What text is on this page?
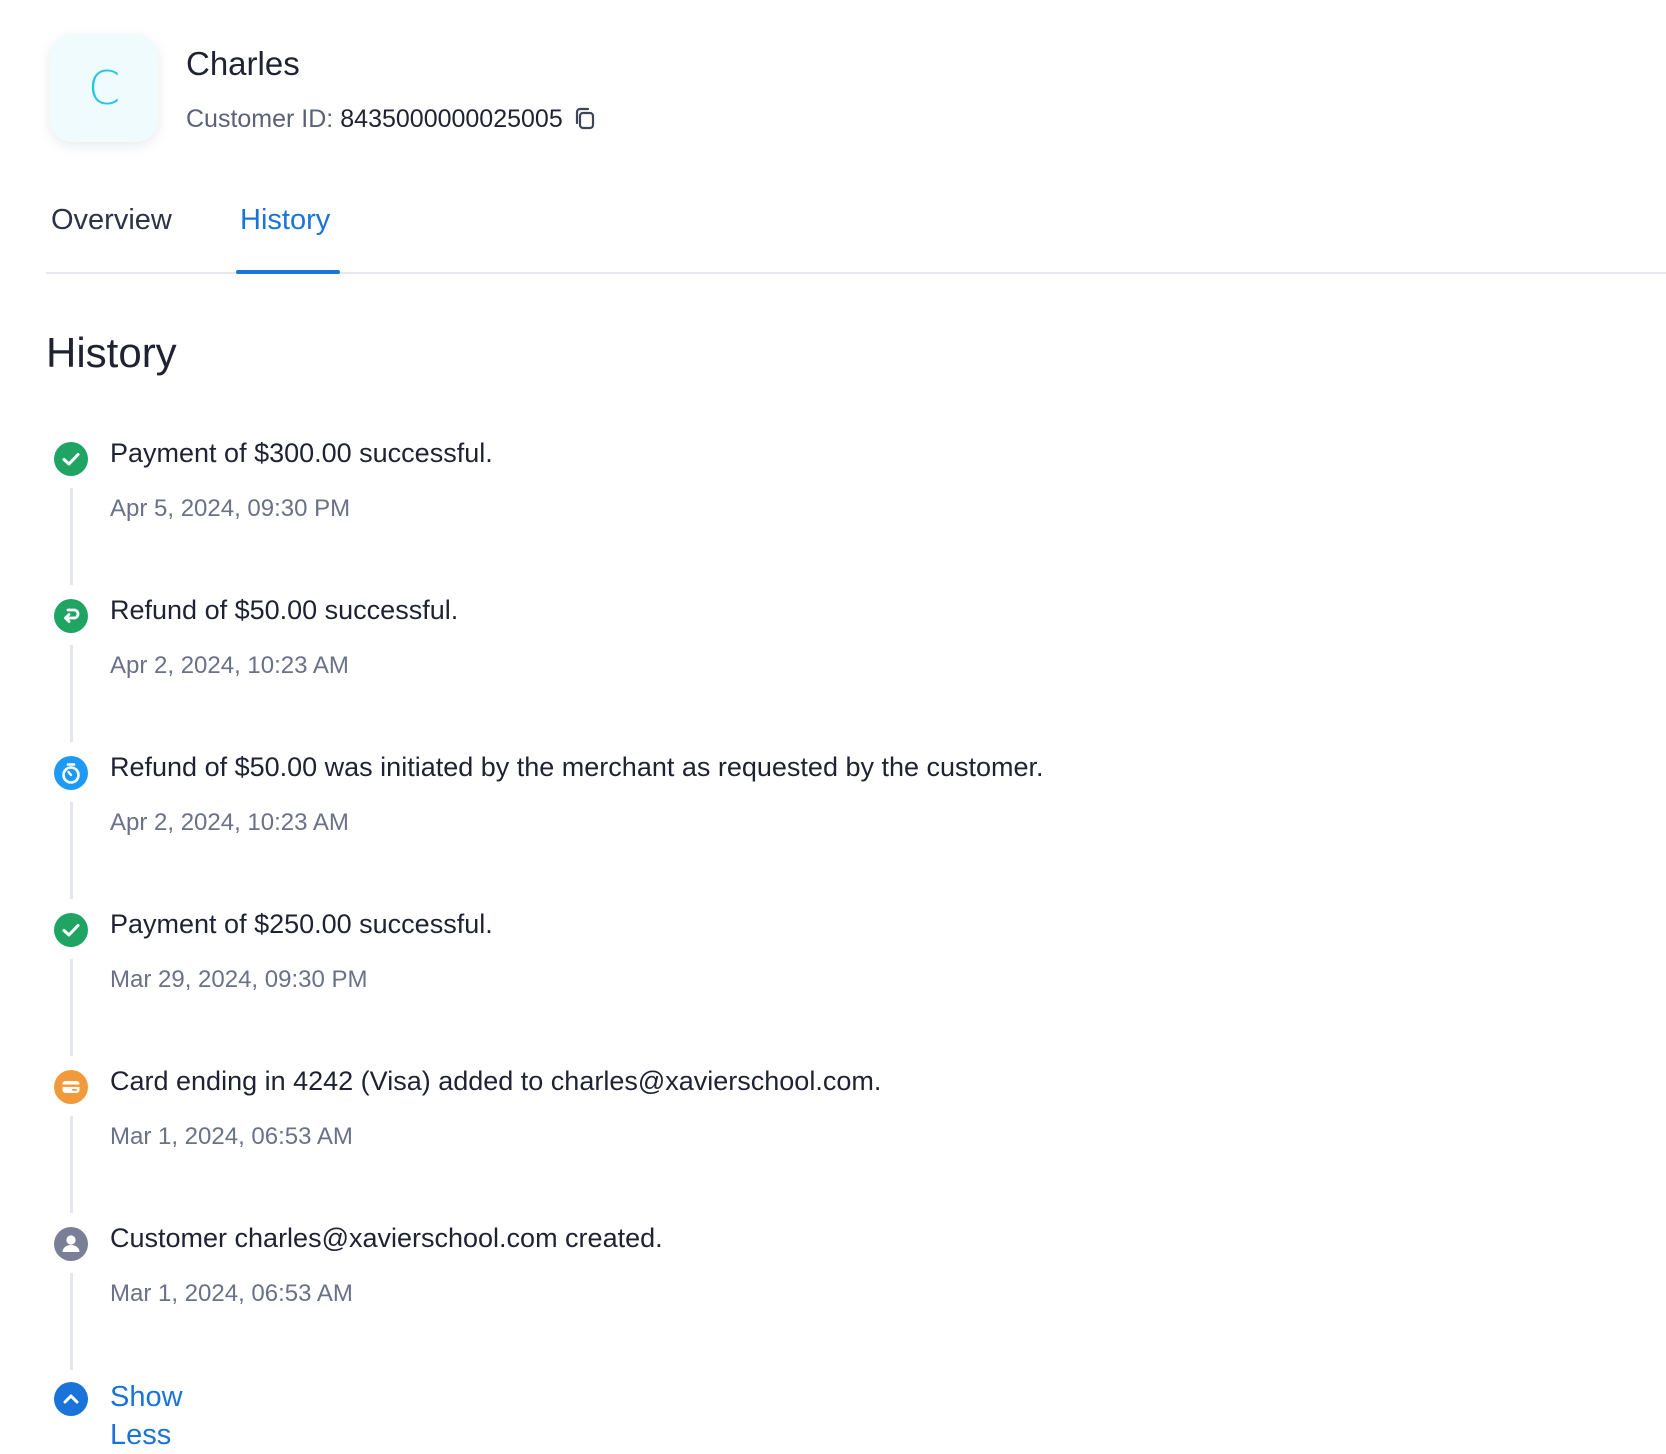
C Charles
Customer ID: 8435000000025005
Overview History
History
Payment of $300.00 successful.
Apr 5, 2024, 09:30 PM
Refund of $50.00 successful.
Apr 2, 2024, 10:23 AM
Refund of $50.00 was initiated by the merchant as requested by the customer.
Apr 2, 2024, 10:23 AM
Payment of $250.00 successful.
Mar 29, 2024, 09:30 PM
Card ending in 4242 (Visa) added to charles@xavierschool.com.
Mar 1, 2024, 06:53 AM
Customer charles@xavierschool.com created.
Mar 1, 2024, 06:53 AM
Show Less
